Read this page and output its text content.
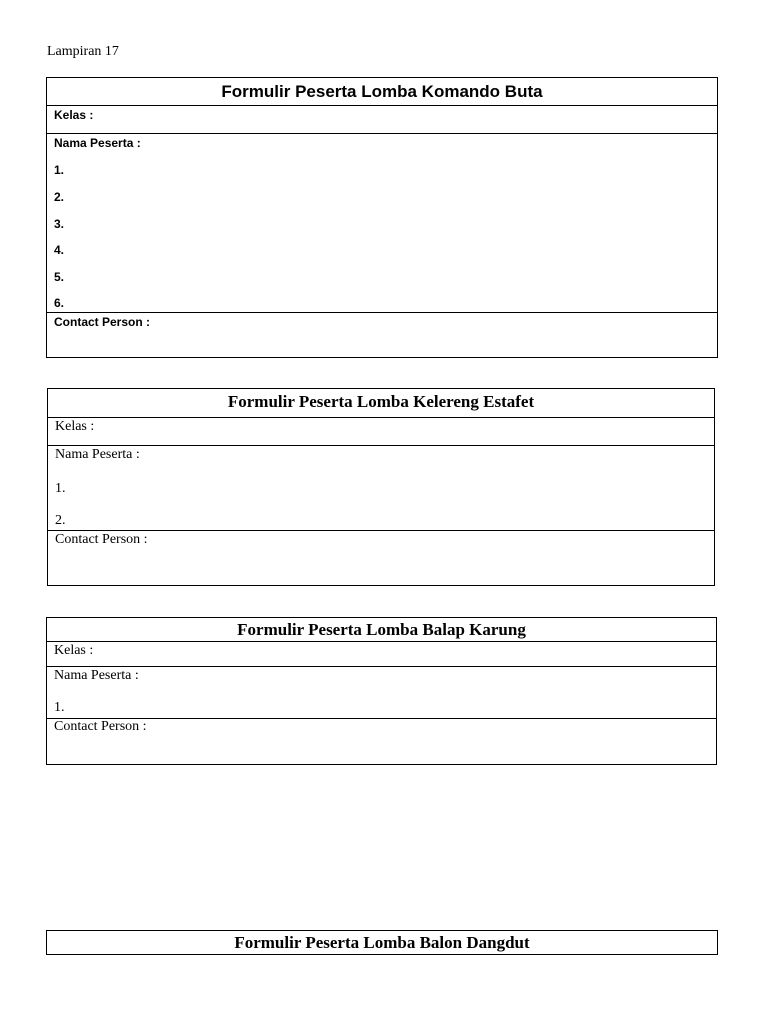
Lampiran 17
Formulir Peserta Lomba Komando Buta
Kelas :
Nama Peserta :
1.
2.
3.
4.
5.
6.
Contact Person :
Formulir Peserta Lomba Kelereng Estafet
Kelas :
Nama Peserta :
1.
2.
Contact Person :
Formulir Peserta Lomba Balap Karung
Kelas :
Nama Peserta :
1.
Contact Person :
Formulir Peserta Lomba Balon Dangdut
